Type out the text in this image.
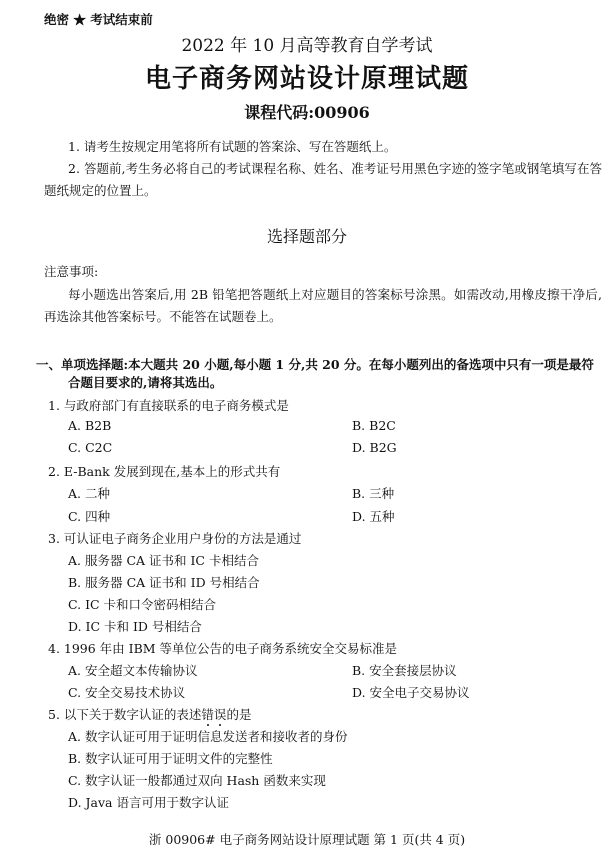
绝密 ★ 考试结束前
2022 年 10 月高等教育自学考试
电子商务网站设计原理试题
课程代码:00906
1. 请考生按规定用笔将所有试题的答案涂、写在答题纸上。
2. 答题前,考生务必将自己的考试课程名称、姓名、准考证号用黑色字迹的签字笔或钢笔填写在答题纸规定的位置上。
选择题部分
注意事项:
每小题选出答案后,用 2B 铅笔把答题纸上对应题目的答案标号涂黑。如需改动,用橡皮擦干净后,再选涂其他答案标号。不能答在试题卷上。
一、单项选择题:本大题共 20 小题,每小题 1 分,共 20 分。在每小题列出的备选项中只有一项是最符合题目要求的,请将其选出。
1. 与政府部门有直接联系的电子商务模式是
A. B2B	B. B2C
C. C2C	D. B2G
2. E-Bank 发展到现在,基本上的形式共有
A. 二种	B. 三种
C. 四种	D. 五种
3. 可认证电子商务企业用户身份的方法是通过
A. 服务器 CA 证书和 IC 卡相结合
B. 服务器 CA 证书和 ID 号相结合
C. IC 卡和口令密码相结合
D. IC 卡和 ID 号相结合
4. 1996 年由 IBM 等单位公告的电子商务系统安全交易标准是
A. 安全超文本传输协议	B. 安全套接层协议
C. 安全交易技术协议	D. 安全电子交易协议
5. 以下关于数字认证的表述错误的是
A. 数字认证可用于证明信息发送者和接收者的身份
B. 数字认证可用于证明文件的完整性
C. 数字认证一般都通过双向 Hash 函数来实现
D. Java 语言可用于数字认证
浙 00906# 电子商务网站设计原理试题 第 1 页(共 4 页)
